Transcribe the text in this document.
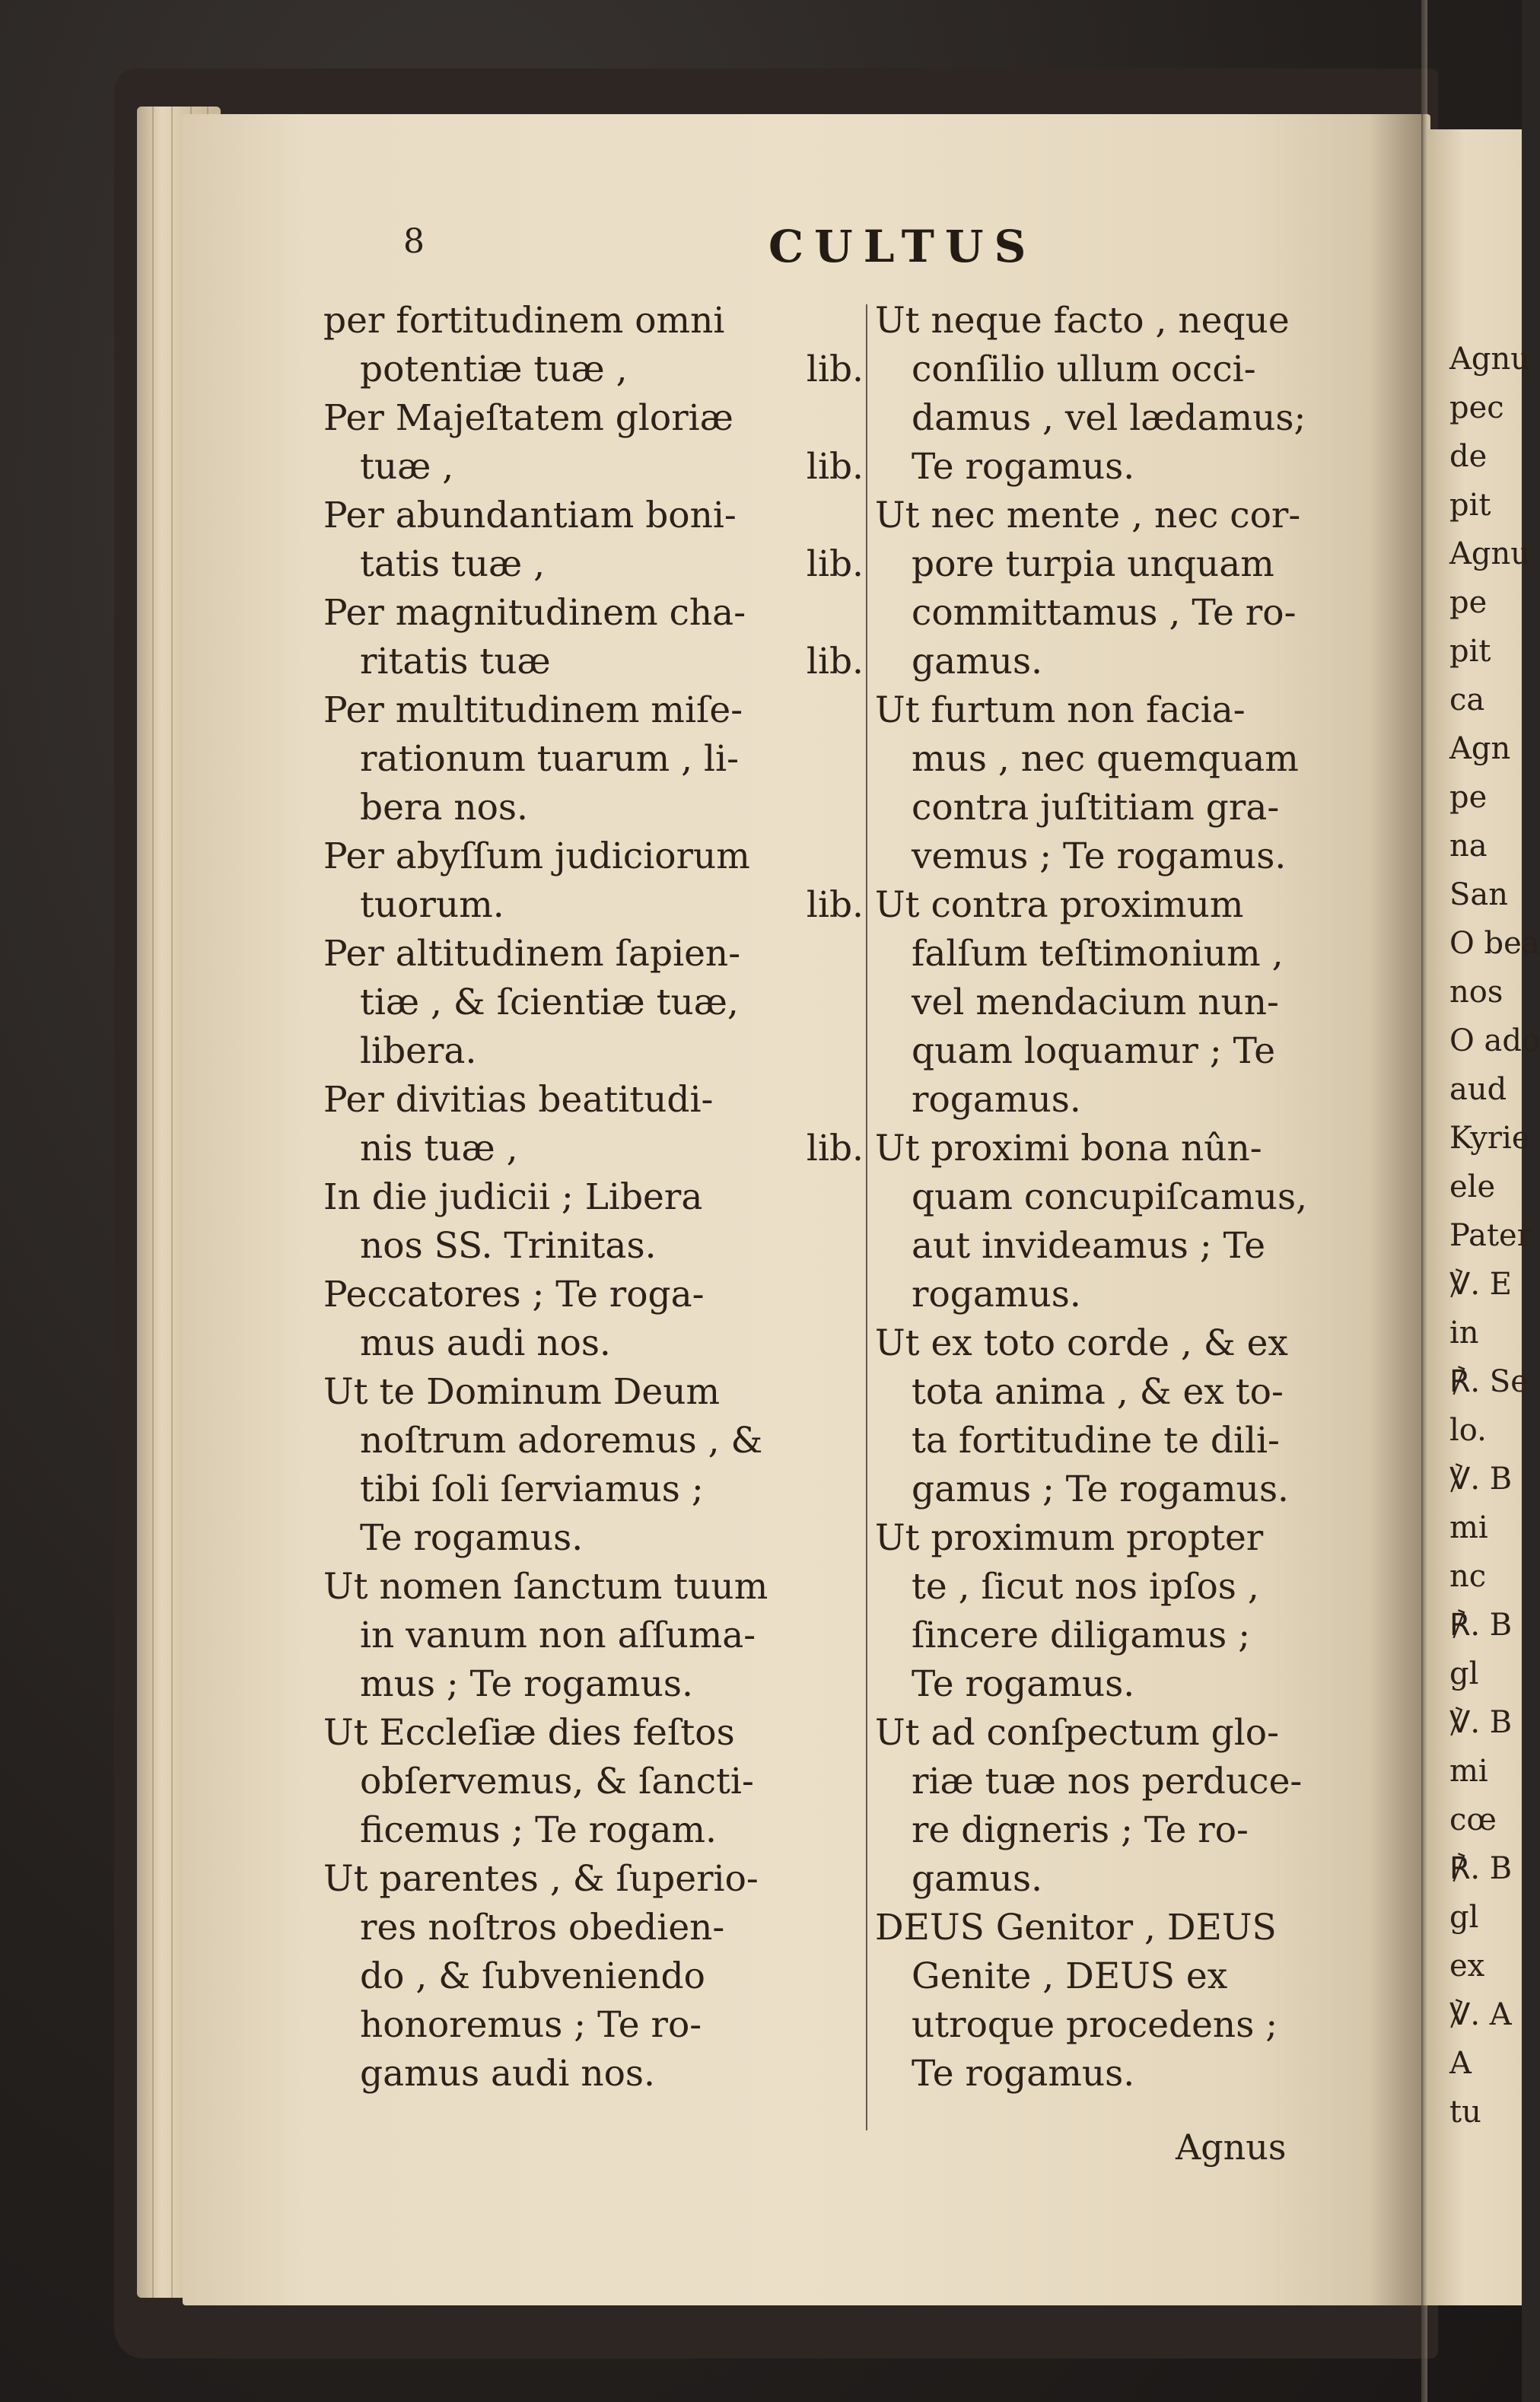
8	CULTUS
per fortitudinem omni
potentiæ tuæ ,	lib.
Per Majeſtatem gloriæ
tuæ ,	lib.
Per abundantiam boni-
tatis tuæ ,	lib.
Per magnitudinem cha-
ritatis tuæ	lib.
Per multitudinem miſe-
rationum tuarum , li-
bera nos.
Per abyſſum judiciorum
tuorum.	lib.
Per altitudinem ſapien-
tiæ , & ſcientiæ tuæ,
libera.
Per divitias beatitudi-
nis tuæ ,	lib.
In die judicii ; Libera
nos SS. Trinitas.
Peccatores ; Te roga-
mus audi nos.
Ut te Dominum Deum
noſtrum adoremus , &
tibi ſoli ſerviamus ;
Te rogamus.
Ut nomen ſanctum tuum
in vanum non aſſuma-
mus ; Te rogamus.
Ut Eccleſiæ dies feſtos
obſervemus, & ſancti-
ficemus ; Te rogam.
Ut parentes , & ſuperio-
res noſtros obedien-
do , & ſubveniendo
honoremus ; Te ro-
gamus audi nos.
Ut neque facto , neque
conſilio ullum occi-
damus , vel lædamus;
Te rogamus.
Ut nec mente , nec cor-
pore turpia unquam
committamus , Te ro-
gamus.
Ut furtum non facia-
mus , nec quemquam
contra juſtitiam gra-
vemus ; Te rogamus.
Ut contra proximum
falſum teſtimonium ,
vel mendacium nun-
quam loquamur ; Te
rogamus.
Ut proximi bona nûn-
quam concupiſcamus,
aut invideamus ; Te
rogamus.
Ut ex toto corde , & ex
tota anima , & ex to-
ta fortitudine te dili-
gamus ; Te rogamus.
Ut proximum propter
te , ſicut nos ipſos ,
ſincere diligamus ;
Te rogamus.
Ut ad conſpectum glo-
riæ tuæ nos perduce-
re digneris ; Te ro-
gamus.
DEUS Genitor , DEUS
Genite , DEUS ex
utroque procedens ;
Te rogamus.
Agnus
Agnu
pec
de
pit
Agnu
pe
pit
ca
Agn
pe
na
San
O bea
nos
O ado
aud
Kyrie
ele
Pater
℣. E
in
℟. Se
lo.
℣. B
mi
nc
℟. B
gl
℣. B
mi
cœ
℟. B
gl
ex
℣. A
A
tu
